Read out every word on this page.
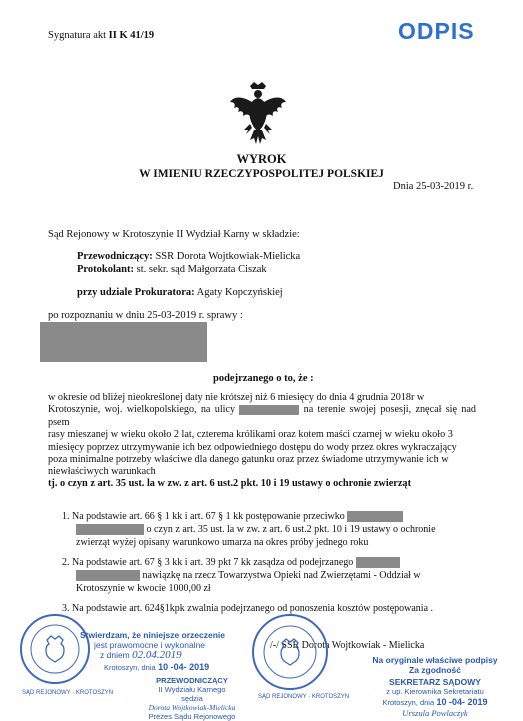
Sygnatura akt II K 41/19	ODPIS
WYROK
W IMIENIU RZECZYPOSPOLITEJ POLSKIEJ
Dnia 25-03-2019 r.
Sąd Rejonowy w Krotoszynie II Wydział Karny w składzie:
Przewodniczący: SSR Dorota Wojtkowiak-Mielicka
Protokolant: st. sekr. sąd Małgorzata Ciszak
przy udziale Prokuratora: Agaty Kopczyńskiej
po rozpoznaniu w dniu 25-03-2019 r. sprawy :
podejrzanego o to, że :
w okresie od bliżej nieokreślonej daty nie krótszej niż 6 miesięcy do dnia 4 grudnia 2018r w
Krotoszynie, woj. wielkopolskiego, na ulicy	na terenie swojej posesji, znęcał się nad psem
rasy mieszanej w wieku około 2 lat, czterema królikami oraz kotem maści czarnej w wieku około 3
miesięcy poprzez utrzymywanie ich bez odpowiedniego dostępu do wody przez okres wykraczający
poza minimalne potrzeby właściwe dla danego gatunku oraz przez świadome utrzymywanie ich w
niewłaściwych warunkach
tj. o czyn z art. 35 ust. la w zw. z art. 6 ust.2 pkt. 10 i 19 ustawy o ochronie zwierząt
1. Na podstawie art. 66 § 1 kk i art. 67 § 1 kk postępowanie przeciwko
o czyn z art. 35 ust. la w zw. z art. 6 ust.2 pkt. 10 i 19 ustawy o ochronie
zwierząt wyżej opisany warunkowo umarza na okres próby jednego roku
2. Na podstawie art. 67 § 3 kk i art. 39 pkt 7 kk zasądza od podejrzanego
nawiązkę na rzecz Towarzystwa Opieki nad Zwierzętami - Oddział w
Krotoszynie w kwocie 1000,00 zł
3. Na podstawie art. 624§1kpk zwalnia podejrzanego od ponoszenia kosztów postępowania .
SĄD REJONOWY · KROTOSZYN
Stwierdzam, że niniejsze orzeczenie
jest prawomocne i wykonalne
z dniem 02.04.2019
Krotoszyn, dnia 10 -04- 2019
PRZEWODNICZĄCY
II Wydziału Karnego
sędzia
Dorota Wojtkowiak-Mielicka
Prezes Sądu Rejonowego
/-/ SSR Dorota Wojtkowiak - Mielicka
SĄD REJONOWY · KROTOSZYN
Na oryginale właściwe podpisy
Za zgodność
SEKRETARZ SĄDOWY
z up. Kierownika Sekretariatu
Krotoszyn, dnia 10 -04- 2019
Urszula Powlaczyk
